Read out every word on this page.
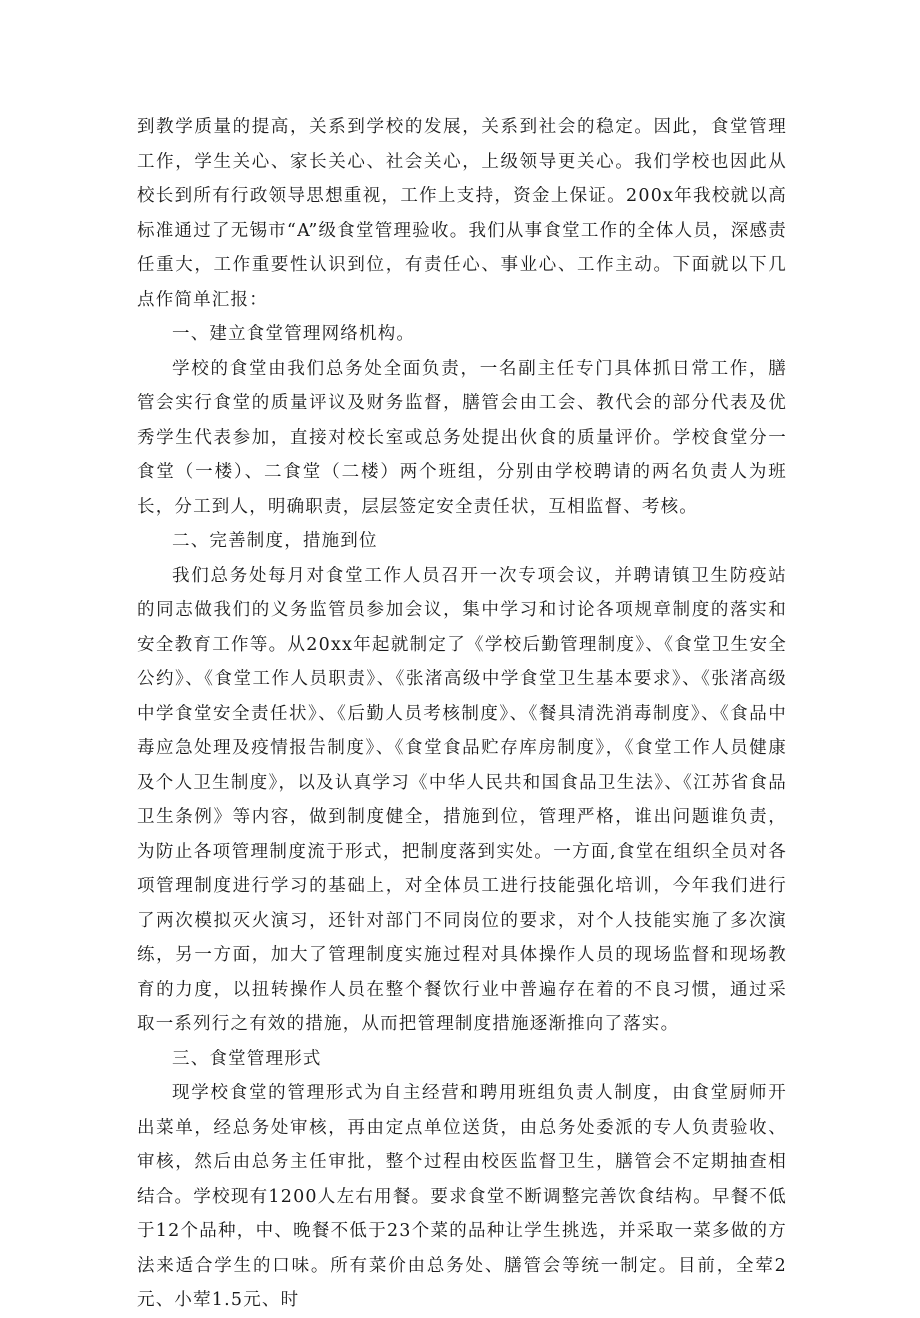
到教学质量的提高，关系到学校的发展，关系到社会的稳定。因此，食堂管理工作，学生关心、家长关心、社会关心，上级领导更关心。我们学校也因此从校长到所有行政领导思想重视，工作上支持，资金上保证。200x年我校就以高标准通过了无锡市“A”级食堂管理验收。我们从事食堂工作的全体人员，深感责任重大，工作重要性认识到位，有责任心、事业心、工作主动。下面就以下几点作简单汇报：

一、建立食堂管理网络机构。

学校的食堂由我们总务处全面负责，一名副主任专门具体抓日常工作，膳管会实行食堂的质量评议及财务监督，膳管会由工会、教代会的部分代表及优秀学生代表参加，直接对校长室或总务处提出伙食的质量评价。学校食堂分一食堂（一楼）、二食堂（二楼）两个班组，分别由学校聘请的两名负责人为班长，分工到人，明确职责，层层签定安全责任状，互相监督、考核。

二、完善制度，措施到位

我们总务处每月对食堂工作人员召开一次专项会议，并聘请镇卫生防疫站的同志做我们的义务监管员参加会议，集中学习和讨论各项规章制度的落实和安全教育工作等。从20xx年起就制定了《学校后勤管理制度》、《食堂卫生安全公约》、《食堂工作人员职责》、《张渚高级中学食堂卫生基本要求》、《张渚高级中学食堂安全责任状》、《后勤人员考核制度》、《餐具清洗消毒制度》、《食品中毒应急处理及疫情报告制度》、《食堂食品贮存库房制度》，《食堂工作人员健康及个人卫生制度》，以及认真学习《中华人民共和国食品卫生法》、《江苏省食品卫生条例》等内容，做到制度健全，措施到位，管理严格，谁出问题谁负责，为防止各项管理制度流于形式，把制度落到实处。一方面,食堂在组织全员对各项管理制度进行学习的基础上，对全体员工进行技能强化培训，今年我们进行了两次模拟灭火演习，还针对部门不同岗位的要求，对个人技能实施了多次演练，另一方面，加大了管理制度实施过程对具体操作人员的现场监督和现场教育的力度，以扭转操作人员在整个餐饮行业中普遍存在着的不良习惯，通过采取一系列行之有效的措施，从而把管理制度措施逐渐推向了落实。

三、食堂管理形式

现学校食堂的管理形式为自主经营和聘用班组负责人制度，由食堂厨师开出菜单，经总务处审核，再由定点单位送货，由总务处委派的专人负责验收、审核，然后由总务主任审批，整个过程由校医监督卫生，膳管会不定期抽查相结合。学校现有1200人左右用餐。要求食堂不断调整完善饮食结构。早餐不低于12个品种，中、晚餐不低于23个菜的品种让学生挑选，并采取一菜多做的方法来适合学生的口味。所有菜价由总务处、膳管会等统一制定。目前，全荤2元、小荤1.5元、时
